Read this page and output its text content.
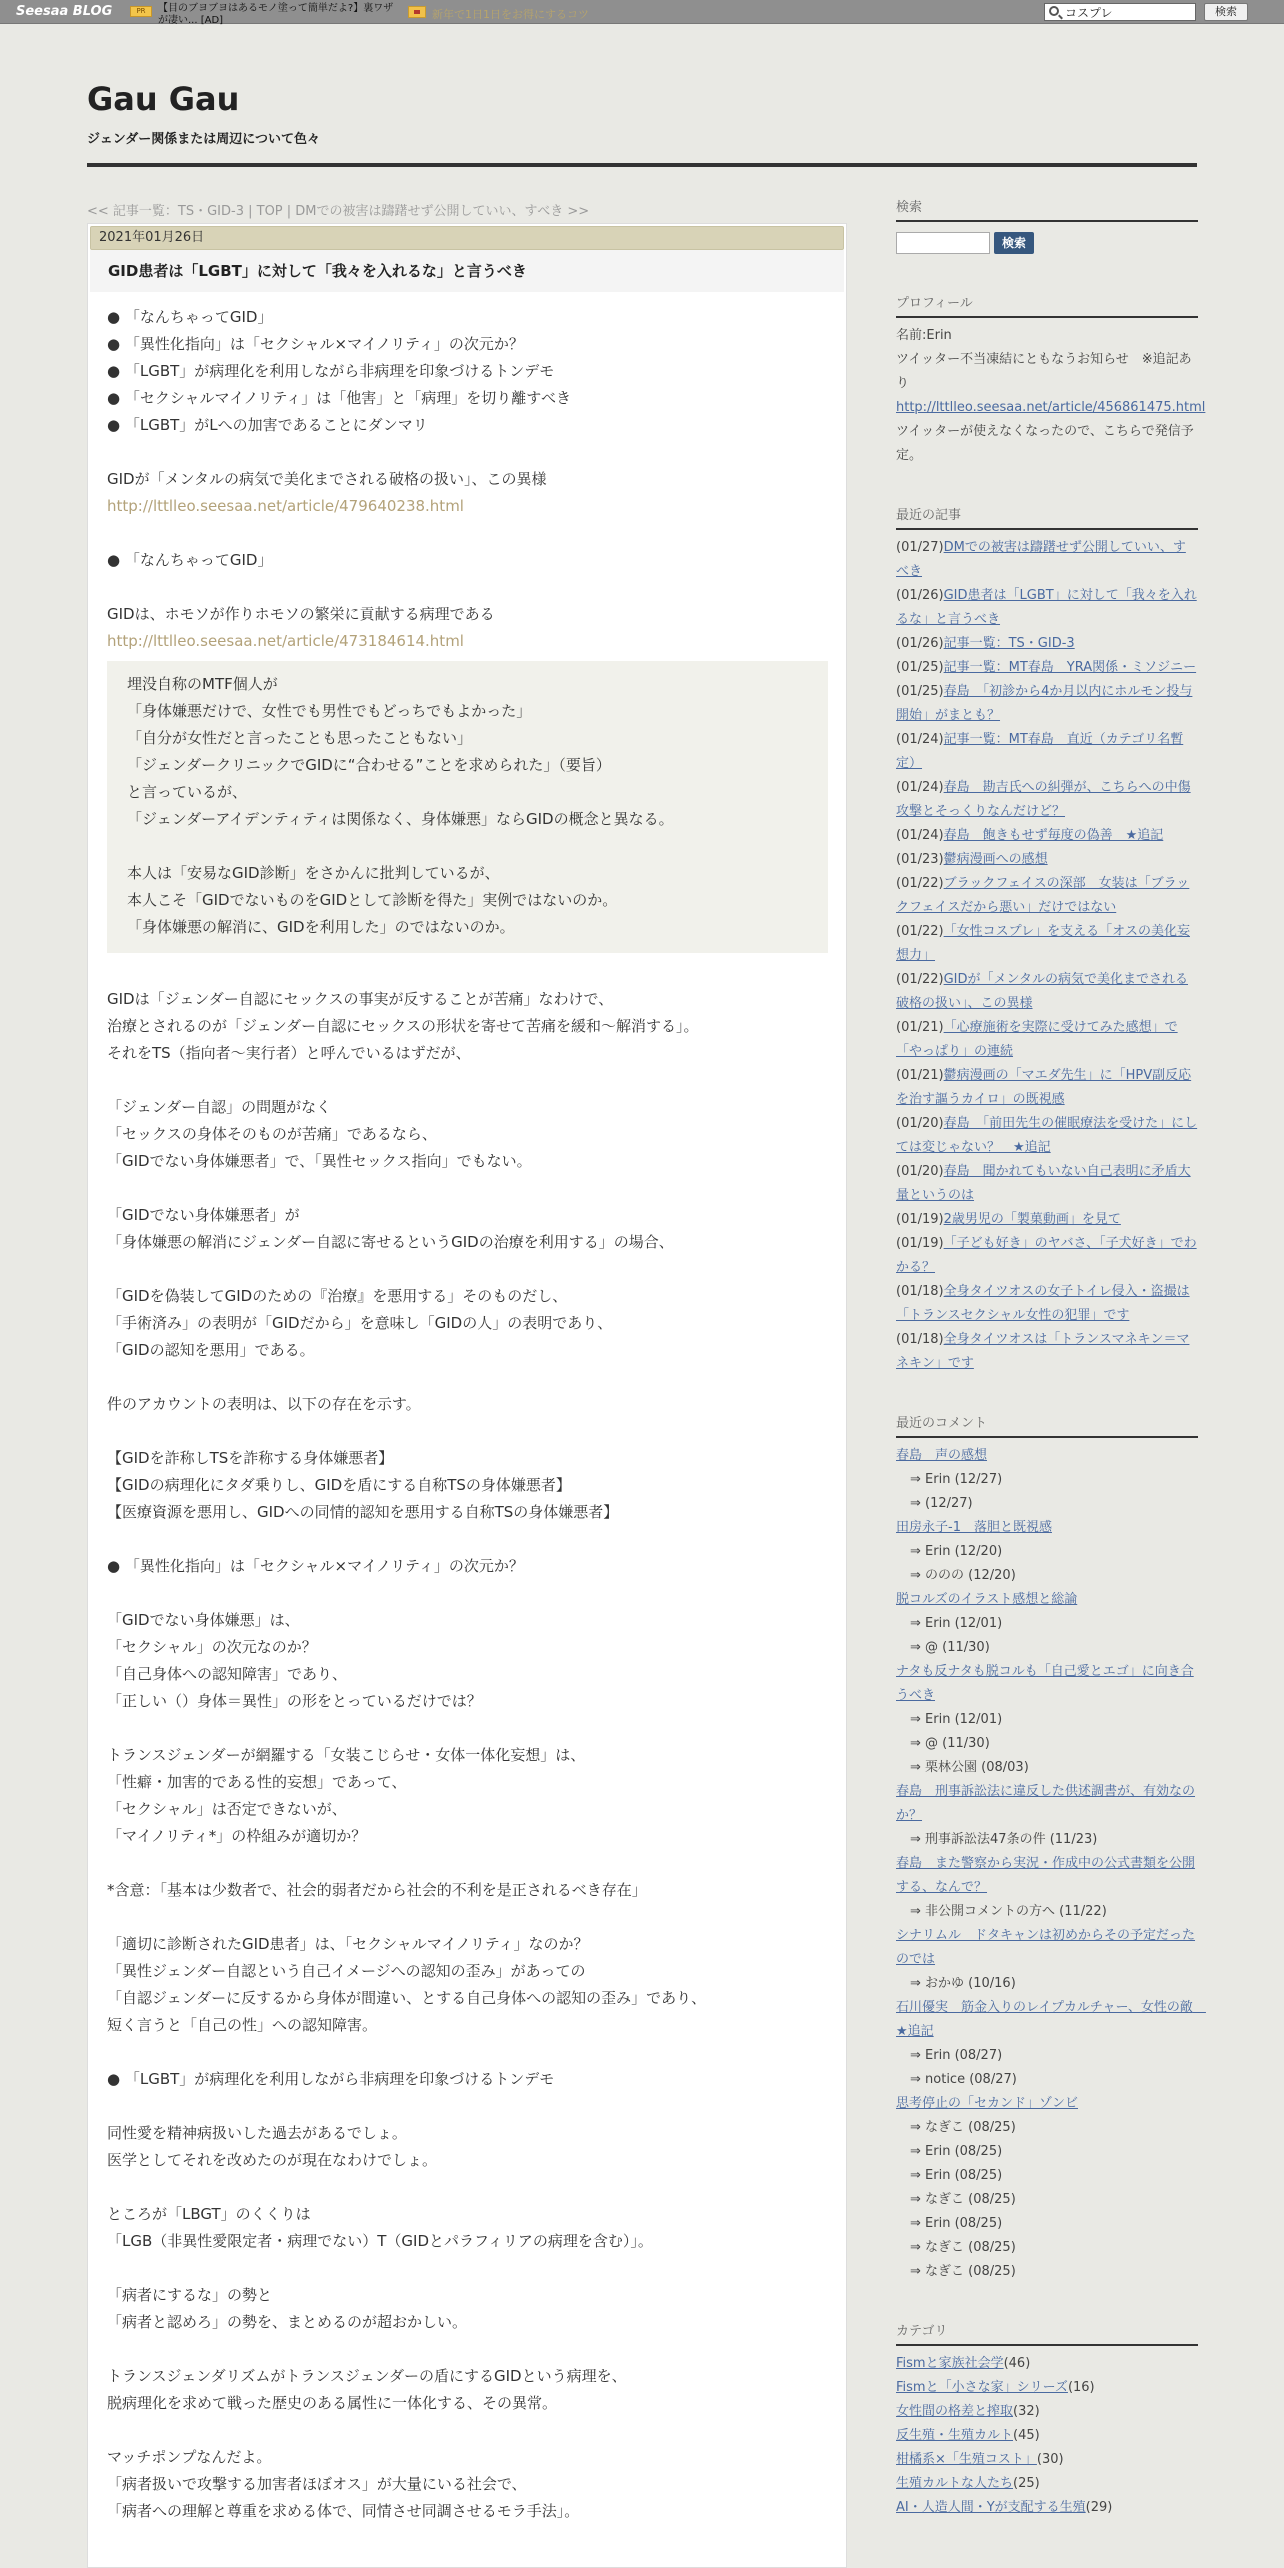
Seesaa BLOG	PR	【目のブヨブヨはあるモノ塗って簡単だよ?】裏ワザが凄い... [AD]	新年で1日1日をお得にするコツ
コスプレ	検索
Gau Gau
ジェンダー関係または周辺について色々
<< 記事一覧：TS・GID-3 | TOP | DMでの被害は躊躇せず公開していい、すべき >>
2021年01月26日
GID患者は「LGBT」に対して「我々を入れるな」と言うべき
● 「なんちゃってGID」
● 「異性化指向」は「セクシャル×マイノリティ」の次元か？
● 「LGBT」が病理化を利用しながら非病理を印象づけるトンデモ
● 「セクシャルマイノリティ」は「他害」と「病理」を切り離すべき
● 「LGBT」がLへの加害であることにダンマリ
GIDが「メンタルの病気で美化までされる破格の扱い」、この異様
http://lttlleo.seesaa.net/article/479640238.html
● 「なんちゃってGID」
GIDは、ホモソが作りホモソの繁栄に貢献する病理である
http://lttlleo.seesaa.net/article/473184614.html
埋没自称のMTF個人が
「身体嫌悪だけで、女性でも男性でもどっちでもよかった」
「自分が女性だと言ったことも思ったこともない」
「ジェンダークリニックでGIDに“合わせる”ことを求められた」（要旨）
と言っているが、
「ジェンダーアイデンティティは関係なく、身体嫌悪」ならGIDの概念と異なる。
本人は「安易なGID診断」をさかんに批判しているが、
本人こそ「GIDでないものをGIDとして診断を得た」実例ではないのか。
「身体嫌悪の解消に、GIDを利用した」のではないのか。
GIDは「ジェンダー自認にセックスの事実が反することが苦痛」なわけで、
治療とされるのが「ジェンダー自認にセックスの形状を寄せて苦痛を緩和～解消する」。
それをTS（指向者～実行者）と呼んでいるはずだが、
「ジェンダー自認」の問題がなく
「セックスの身体そのものが苦痛」であるなら、
「GIDでない身体嫌悪者」で、「異性セックス指向」でもない。
「GIDでない身体嫌悪者」が
「身体嫌悪の解消にジェンダー自認に寄せるというGIDの治療を利用する」の場合、
「GIDを偽装してGIDのための『治療』を悪用する」そのものだし、
「手術済み」の表明が「GIDだから」を意味し「GIDの人」の表明であり、
「GIDの認知を悪用」である。
件のアカウントの表明は、以下の存在を示す。
【GIDを詐称しTSを詐称する身体嫌悪者】
【GIDの病理化にタダ乗りし、GIDを盾にする自称TSの身体嫌悪者】
【医療資源を悪用し、GIDへの同情的認知を悪用する自称TSの身体嫌悪者】
● 「異性化指向」は「セクシャル×マイノリティ」の次元か？
「GIDでない身体嫌悪」は、
「セクシャル」の次元なのか？
「自己身体への認知障害」であり、
「正しい（）身体＝異性」の形をとっているだけでは？
トランスジェンダーが網羅する「女装こじらせ・女体一体化妄想」は、
「性癖・加害的である性的妄想」であって、
「セクシャル」は否定できないが、
「マイノリティ*」の枠組みが適切か？
*含意：「基本は少数者で、社会的弱者だから社会的不利を是正されるべき存在」
「適切に診断されたGID患者」は、「セクシャルマイノリティ」なのか？
「異性ジェンダー自認という自己イメージへの認知の歪み」があっての
「自認ジェンダーに反するから身体が間違い、とする自己身体への認知の歪み」であり、
短く言うと「自己の性」への認知障害。
● 「LGBT」が病理化を利用しながら非病理を印象づけるトンデモ
同性愛を精神病扱いした過去があるでしょ。
医学としてそれを改めたのが現在なわけでしょ。
ところが「LBGT」のくくりは
「LGB（非異性愛限定者・病理でない）T（GIDとパラフィリアの病理を含む）」。
「病者にするな」の勢と
「病者と認めろ」の勢を、まとめるのが超おかしい。
トランスジェンダリズムがトランスジェンダーの盾にするGIDという病理を、
脱病理化を求めて戦った歴史のある属性に一体化する、その異常。
マッチポンプなんだよ。
「病者扱いで攻撃する加害者ほぼオス」が大量にいる社会で、
「病者への理解と尊重を求める体で、同情させ同調させるモラ手法」。
検索
検索
プロフィール
名前:Erin
ツイッター不当凍結にともなうお知らせ　※追記あり
http://lttlleo.seesaa.net/article/456861475.html
ツイッターが使えなくなったので、こちらで発信予定。
最近の記事
(01/27)DMでの被害は躊躇せず公開していい、すべき
(01/26)GID患者は「LGBT」に対して「我々を入れるな」と言うべき
(01/26)記事一覧：TS・GID-3
(01/25)記事一覧：MT春島　YRA関係・ミソジニー
(01/25)春島　「初診から4か月以内にホルモン投与開始」がまとも？
(01/24)記事一覧：MT春島　直近（カテゴリ名暫定）
(01/24)春島　勘吉氏への糾弾が、こちらへの中傷攻撃とそっくりなんだけど？
(01/24)春島　飽きもせず毎度の偽善　★追記
(01/23)鬱病漫画への感想
(01/22)ブラックフェイスの深部　女装は「ブラックフェイスだから悪い」だけではない
(01/22)「女性コスプレ」を支える「オスの美化妄想力」
(01/22)GIDが「メンタルの病気で美化までされる破格の扱い」、この異様
(01/21)「心療施術を実際に受けてみた感想」で「やっぱり」の連続
(01/21)鬱病漫画の「マエダ先生」に「HPV副反応を治す謳うカイロ」の既視感
(01/20)春島　「前田先生の催眠療法を受けた」にしては変じゃない？　★追記
(01/20)春島　聞かれてもいない自己表明に矛盾大量というのは
(01/19)2歳男児の「製菓動画」を見て
(01/19)「子ども好き」のヤバさ、「子犬好き」でわかる？
(01/18)全身タイツオスの女子トイレ侵入・盗撮は「トランスセクシャル女性の犯罪」です
(01/18)全身タイツオスは「トランスマネキン＝マネキン」です
最近のコメント
春島　声の感想
⇒ Erin (12/27)
⇒ (12/27)
田房永子-1　落胆と既視感
⇒ Erin (12/20)
⇒ ののの (12/20)
脱コルズのイラスト感想と総論
⇒ Erin (12/01)
⇒ @ (11/30)
ナタも反ナタも脱コルも「自己愛とエゴ」に向き合うべき
⇒ Erin (12/01)
⇒ @ (11/30)
⇒ 栗林公園 (08/03)
春島　刑事訴訟法に違反した供述調書が、有効なのか？
⇒ 刑事訴訟法47条の件 (11/23)
春島　また警察から実況・作成中の公式書類を公開する、なんで？
⇒ 非公開コメントの方へ (11/22)
シナリムル　ドタキャンは初めからその予定だったのでは
⇒ おかゆ (10/16)
石川優実　筋金入りのレイプカルチャー、女性の敵　★追記
⇒ Erin (08/27)
⇒ notice (08/27)
思考停止の「セカンド」ゾンビ
⇒ なぎこ (08/25)
⇒ Erin (08/25)
⇒ Erin (08/25)
⇒ なぎこ (08/25)
⇒ Erin (08/25)
⇒ なぎこ (08/25)
⇒ なぎこ (08/25)
カテゴリ
Fismと家族社会学(46)
Fismと「小さな家」シリーズ(16)
女性間の格差と搾取(32)
反生殖・生殖カルト(45)
柑橘系×「生殖コスト」(30)
生殖カルトな人たち(25)
AI・人造人間・Yが支配する生殖(29)
